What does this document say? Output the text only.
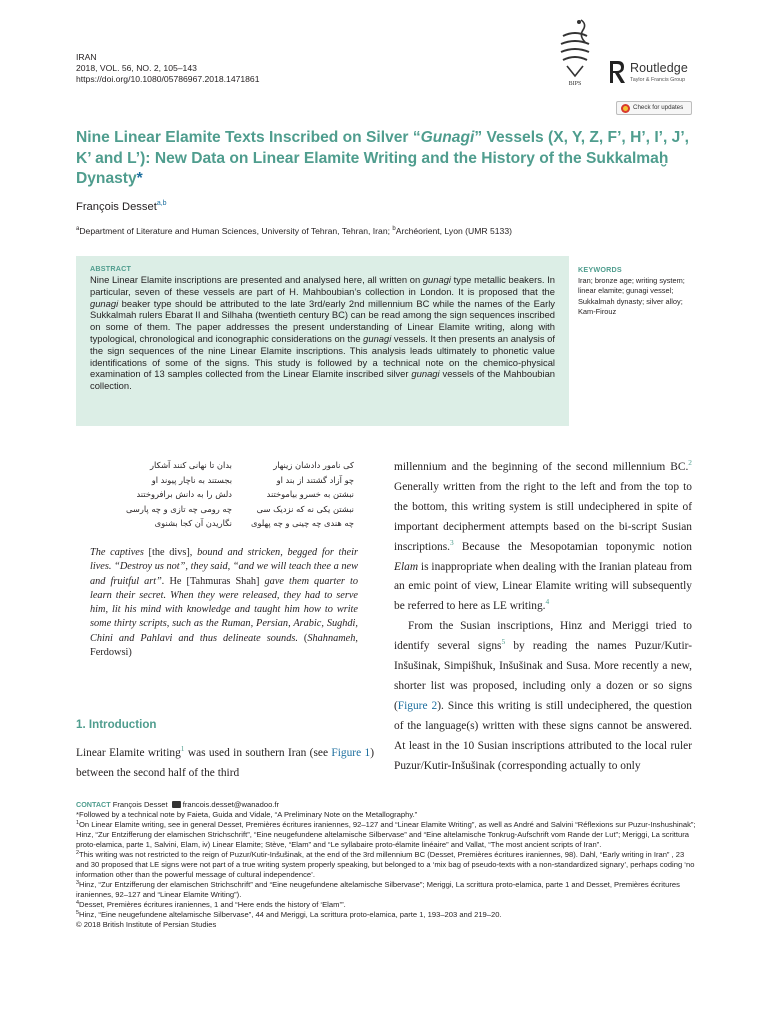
IRAN
2018, VOL. 56, NO. 2, 105–143
https://doi.org/10.1080/05786967.2018.1471861	BIPS
Routledge
Taylor & Francis Group
Check for updates
Nine Linear Elamite Texts Inscribed on Silver “Gunagi” Vessels (X, Y, Z, F’, H’, I’, J’, K’ and L’): New Data on Linear Elamite Writing and the History of the Sukkalmaḫ Dynasty*
François Desset$^{a,b}$
$^a$Department of Literature and Human Sciences, University of Tehran, Tehran, Iran; $^b$Archéorient, Lyon (UMR 5133)
ABSTRACT
Nine Linear Elamite inscriptions are presented and analysed here, all written on gunagi type metallic beakers. In particular, seven of these vessels are part of H. Mahboubian’s collection in London. It is proposed that the gunagi beaker type should be attributed to the late 3rd/early 2nd millennium BC while the names of the Early Sukkalmah rulers Ebarat II and Silhaha (twentieth century BC) can be read among the sign sequences inscribed on some of them. The paper addresses the present understanding of Linear Elamite writing, along with typological, chronological and iconographic considerations on the gunagi vessels. It then presents an analysis of the sign sequences of the nine Linear Elamite inscriptions. This analysis leads ultimately to phonetic value identifications of some of the signs. This study is followed by a technical note on the chemico-physical examination of 13 samples collected from the Linear Elamite inscribed silver gunagi vessels of the Mahboubian collection.
KEYWORDS
Iran; bronze age; writing system; linear elamite; gunagi vessel; Sukkalmah dynasty; silver alloy; Kam-Firouz
کی نامور دادشان زینهار
چو آزاد گشتند از بند او
نبشتن به خسرو بیاموختند
نبشتن یکی نه که نزدیک سی
چه هندی چه چینی و چه پهلوی
بدان تا نهانی کنند آشکار
بجستند به ناچار پیوند او
دلش را به دانش برافروختند
چه رومی چه تازی و چه پارسی
نگاریدن آن کجا بشنوی
The captives [the divs], bound and stricken, begged for their lives. “Destroy us not”, they said, “and we will teach thee a new and fruitful art”. He [Tahmuras Shah] gave them quarter to learn their secret. When they were released, they had to serve him, lit his mind with knowledge and taught him how to write some thirty scripts, such as the Ruman, Persian, Arabic, Sughdi, Chini and Pahlavi and thus delineate sounds. (Shahnameh, Ferdowsi)
1. Introduction
Linear Elamite writing$^1$ was used in southern Iran (see Figure 1) between the second half of the third
millennium and the beginning of the second millennium BC.$^2$ Generally written from the right to the left and from the top to the bottom, this writing system is still undeciphered in spite of important decipherment attempts based on the bi-script Susian inscriptions.$^3$ Because the Mesopotamian toponymic notion Elam is inappropriate when dealing with the Iranian plateau from an emic point of view, Linear Elamite writing will subsequently be referred to here as LE writing.$^4$
From the Susian inscriptions, Hinz and Meriggi tried to identify several signs$^5$ by reading the names Puzur/Kutir-Inšušinak, Simpišhuk, Inšušinak and Susa. More recently a new, shorter list was proposed, including only a dozen or so signs (Figure 2). Since this writing is still undeciphered, the question of the language(s) written with these signs cannot be answered. At least in the 10 Susian inscriptions attributed to the local ruler Puzur/Kutir-Inšušinak (corresponding actually to only
CONTACT François Desset francois.desset@wanadoo.fr
*Followed by a technical note by Faieta, Guida and Vidale, “A Preliminary Note on the Metallography.”
$^1$On Linear Elamite writing, see in general Desset, Premières écritures iraniennes, 92–127 and “Linear Elamite Writing”, as well as André and Salvini “Réflexions sur Puzur-Inshushinak”; Hinz, “Zur Entzifferung der elamischen Strichschrift”, “Eine neugefundene altelamische Silbervase” and “Eine altelamische Tonkrug-Aufschrift vom Rande der Lut”; Meriggi, La scrittura proto-elamica, parte 1, Salvini, Elam, iv) Linear Elamite; Stève, “Elam” and “Le syllabaire proto-élamite linéaire” and Vallat, “The most ancient scripts of Iran”.
$^2$This writing was not restricted to the reign of Puzur/Kutir-Inšušinak, at the end of the 3rd millennium BC (Desset, Premières écritures iraniennes, 98). Dahl, “Early writing in Iran” , 23 and 30 proposed that LE signs were not part of a true writing system properly speaking, but belonged to a ‘mix bag of pseudo-texts with a non-standardized signary’, perhaps coding ‘no information other than the powerful message of cultural independence’.
$^3$Hinz, “Zur Entzifferung der elamischen Strichschrift” and “Eine neugefundene altelamische Silbervase”; Meriggi, La scrittura proto-elamica, parte 1 and Desset, Premières écritures iraniennes, 92–127 and “Linear Elamite Writing”).
$^4$Desset, Premières écritures iraniennes, 1 and “Here ends the history of ‘Elam’”.
$^5$Hinz, “Eine neugefundene altelamische Silbervase”, 44 and Meriggi, La scrittura proto-elamica, parte 1, 193–203 and 219–20.
© 2018 British Institute of Persian Studies
